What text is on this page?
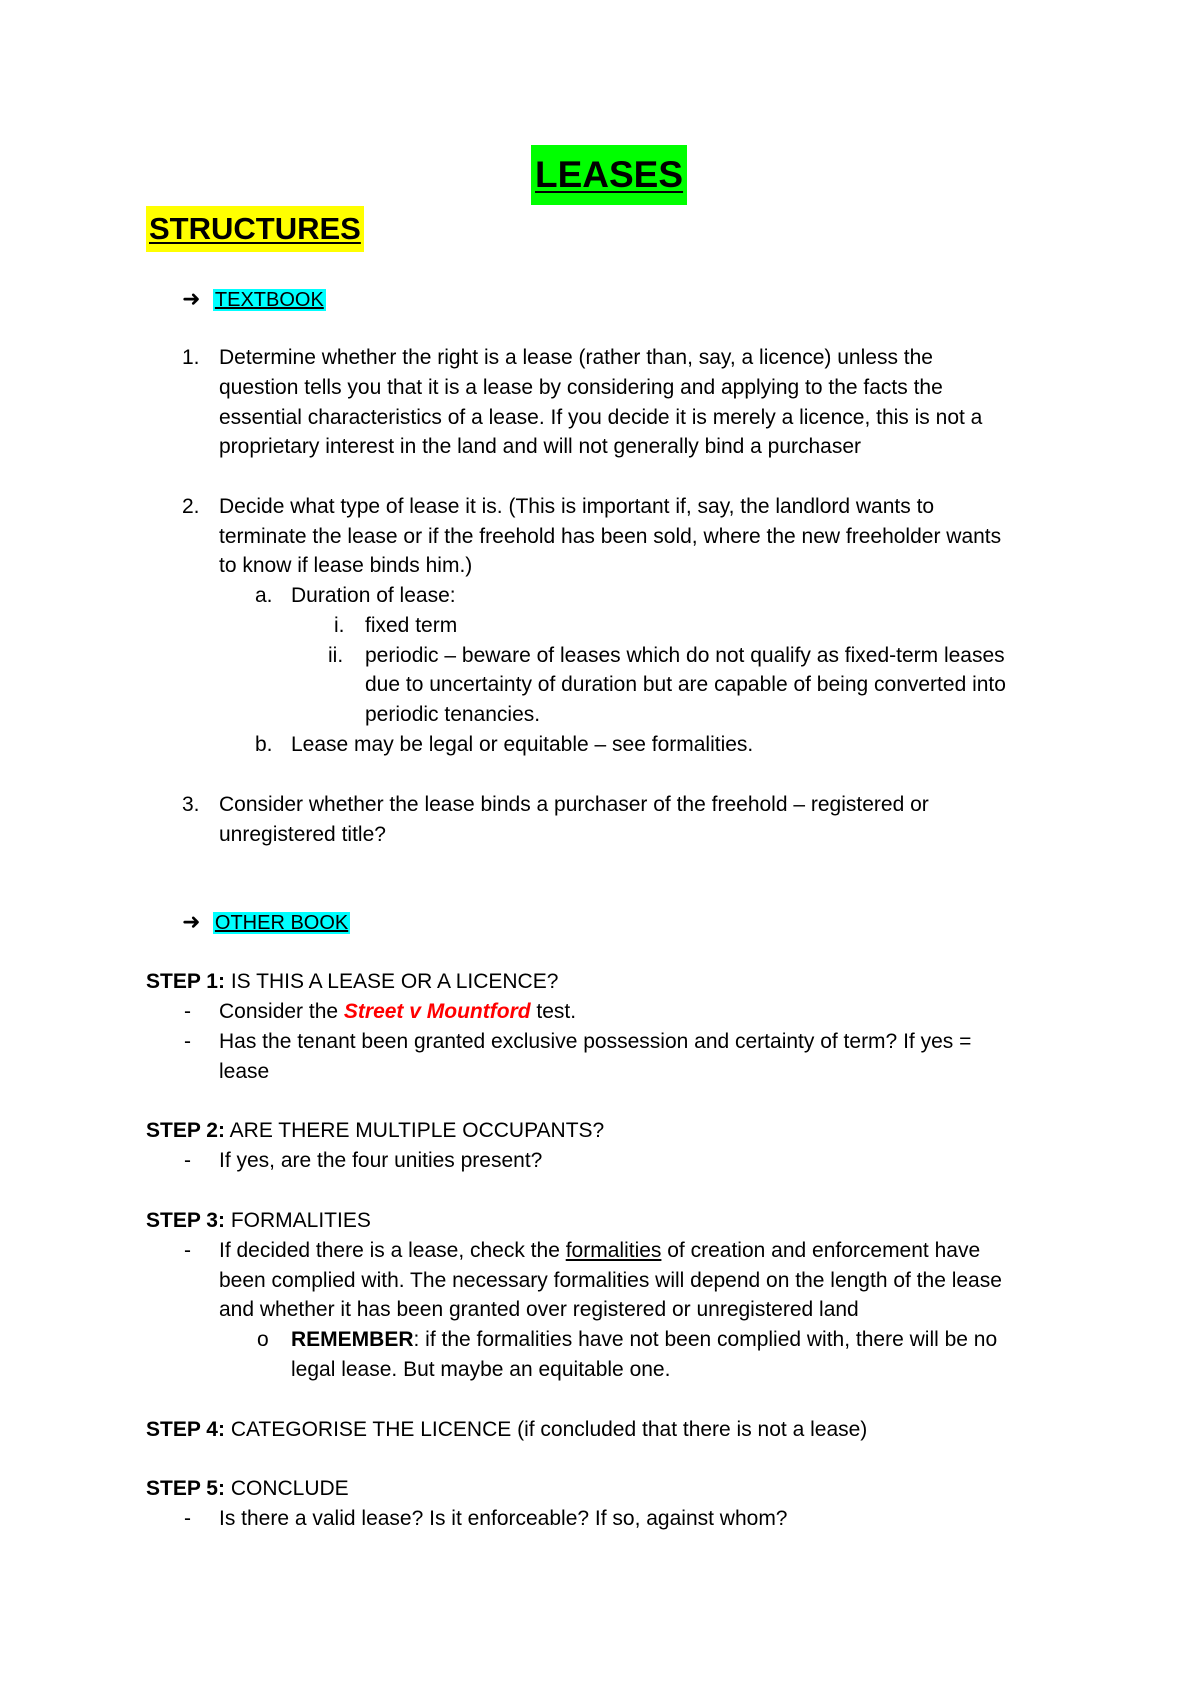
LEASES
STRUCTURES
➜ TEXTBOOK
1. Determine whether the right is a lease (rather than, say, a licence) unless the
question tells you that it is a lease by considering and applying to the facts the
essential characteristics of a lease. If you decide it is merely a licence, this is not a
proprietary interest in the land and will not generally bind a purchaser
2. Decide what type of lease it is. (This is important if, say, the landlord wants to
terminate the lease or if the freehold has been sold, where the new freeholder wants
to know if lease binds him.)
a. Duration of lease:
i. fixed term
ii. periodic – beware of leases which do not qualify as fixed-term leases
due to uncertainty of duration but are capable of being converted into
periodic tenancies.
b. Lease may be legal or equitable – see formalities.
3. Consider whether the lease binds a purchaser of the freehold – registered or
unregistered title?
➜ OTHER BOOK
STEP 1: IS THIS A LEASE OR A LICENCE?
- Consider the Street v Mountford test.
- Has the tenant been granted exclusive possession and certainty of term? If yes =
lease
STEP 2: ARE THERE MULTIPLE OCCUPANTS?
- If yes, are the four unities present?
STEP 3: FORMALITIES
- If decided there is a lease, check the formalities of creation and enforcement have
been complied with. The necessary formalities will depend on the length of the lease
and whether it has been granted over registered or unregistered land
o REMEMBER: if the formalities have not been complied with, there will be no
legal lease. But maybe an equitable one.
STEP 4: CATEGORISE THE LICENCE (if concluded that there is not a lease)
STEP 5: CONCLUDE
- Is there a valid lease? Is it enforceable? If so, against whom?
